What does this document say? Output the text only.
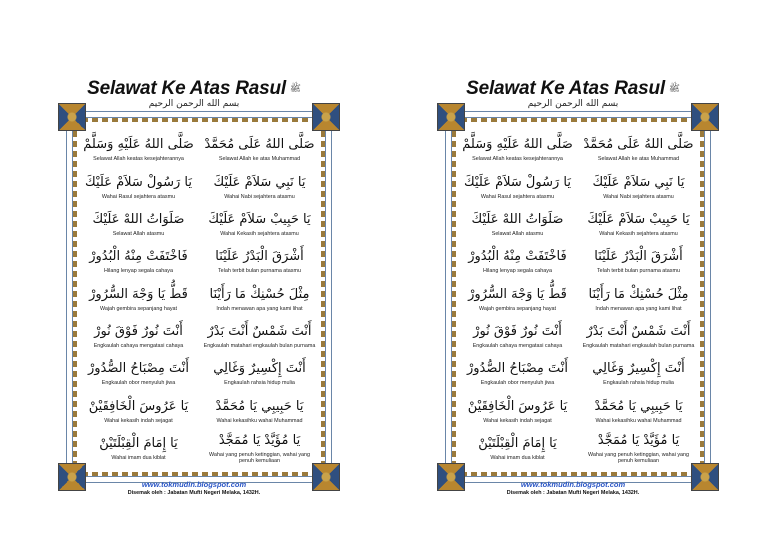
Selawat Ke Atas Rasul ﷺ
بسم الله الرحمن الرحيم
صَلَّى اللهُ عَلَيْهِ وَسَلَّمْ
Selawat Allah keatas kesejahterannya
صَلَّى اللهُ عَلَى مُحَمَّدْ
Selawat Allah ke atas Muhammad
يَا رَسُولْ سَلاَمْ عَلَيْكَ
Wahai Rasul sejahtera atasmu
يَا نَبِي سَلاَمْ عَلَيْكَ
Wahai Nabi sejahtera atasmu
صَلَوَاتُ اللهْ عَلَيْكَ
Selawat Allah atasmu
يَا حَبِيبْ سَلاَمْ عَلَيْكَ
Wahai Kekasih sejahtera atasmu
فَاخْتَفَتْ مِنْهُ الْبُدُورْ
Hilang lenyap segala cahaya
أَشْرَقَ الْبَدْرُ عَلَيْنَا
Telah terbit bulan purnama atasmu
قَطُّ يَا وَجْهَ السُّرُورْ
Wajah gembira sepanjang hayat
مِثْلَ حُسْنِكْ مَا رَأَيْنَا
Indah menawan apa yang kami lihat
أَنْتَ نُورٌ فَوْقَ نُورْ
Engkaulah cahaya mengatasi cahaya
أَنْتَ شَمْسٌ أَنْتَ بَدْرٌ
Engkaulah matahari engkaulah bulan purnama
أَنْتَ مِصْبَاحُ الصُّدُورْ
Engkaulah obor menyuluh jiwa
أَنْتَ إِكْسِيرٌ وَغَالِي
Engkaulah rahsia hidup mulia
يَا عَرُوسَ الْخَافِقَيْنْ
Wahai kekasih indah sejagat
يَا حَبِيبِي يَا مُحَمَّدْ
Wahai kekasihku wahai Muhammad
يَا إِمَامَ الْقِبْلَتَيْنْ
Wahai imam dua kiblat
يَا مُؤَيَّدْ يَا مُمَجَّدْ
Wahai yang penuh ketinggian, wahai yang penuh kemuliaan
www.tokmudin.blogspot.com
Disemak oleh : Jabatan Mufti Negeri Melaka, 1432H.
Selawat Ke Atas Rasul ﷺ
بسم الله الرحمن الرحيم
صَلَّى اللهُ عَلَيْهِ وَسَلَّمْ
Selawat Allah keatas kesejahterannya
صَلَّى اللهُ عَلَى مُحَمَّدْ
Selawat Allah ke atas Muhammad
يَا رَسُولْ سَلاَمْ عَلَيْكَ
Wahai Rasul sejahtera atasmu
يَا نَبِي سَلاَمْ عَلَيْكَ
Wahai Nabi sejahtera atasmu
صَلَوَاتُ اللهْ عَلَيْكَ
Selawat Allah atasmu
يَا حَبِيبْ سَلاَمْ عَلَيْكَ
Wahai Kekasih sejahtera atasmu
فَاخْتَفَتْ مِنْهُ الْبُدُورْ
Hilang lenyap segala cahaya
أَشْرَقَ الْبَدْرُ عَلَيْنَا
Telah terbit bulan purnama atasmu
قَطُّ يَا وَجْهَ السُّرُورْ
Wajah gembira sepanjang hayat
مِثْلَ حُسْنِكْ مَا رَأَيْنَا
Indah menawan apa yang kami lihat
أَنْتَ نُورٌ فَوْقَ نُورْ
Engkaulah cahaya mengatasi cahaya
أَنْتَ شَمْسٌ أَنْتَ بَدْرٌ
Engkaulah matahari engkaulah bulan purnama
أَنْتَ مِصْبَاحُ الصُّدُورْ
Engkaulah obor menyuluh jiwa
أَنْتَ إِكْسِيرٌ وَغَالِي
Engkaulah rahsia hidup mulia
يَا عَرُوسَ الْخَافِقَيْنْ
Wahai kekasih indah sejagat
يَا حَبِيبِي يَا مُحَمَّدْ
Wahai kekasihku wahai Muhammad
يَا إِمَامَ الْقِبْلَتَيْنْ
Wahai imam dua kiblat
يَا مُؤَيَّدْ يَا مُمَجَّدْ
Wahai yang penuh ketinggian, wahai yang penuh kemuliaan
www.tokmudin.blogspot.com
Disemak oleh : Jabatan Mufti Negeri Melaka, 1432H.
